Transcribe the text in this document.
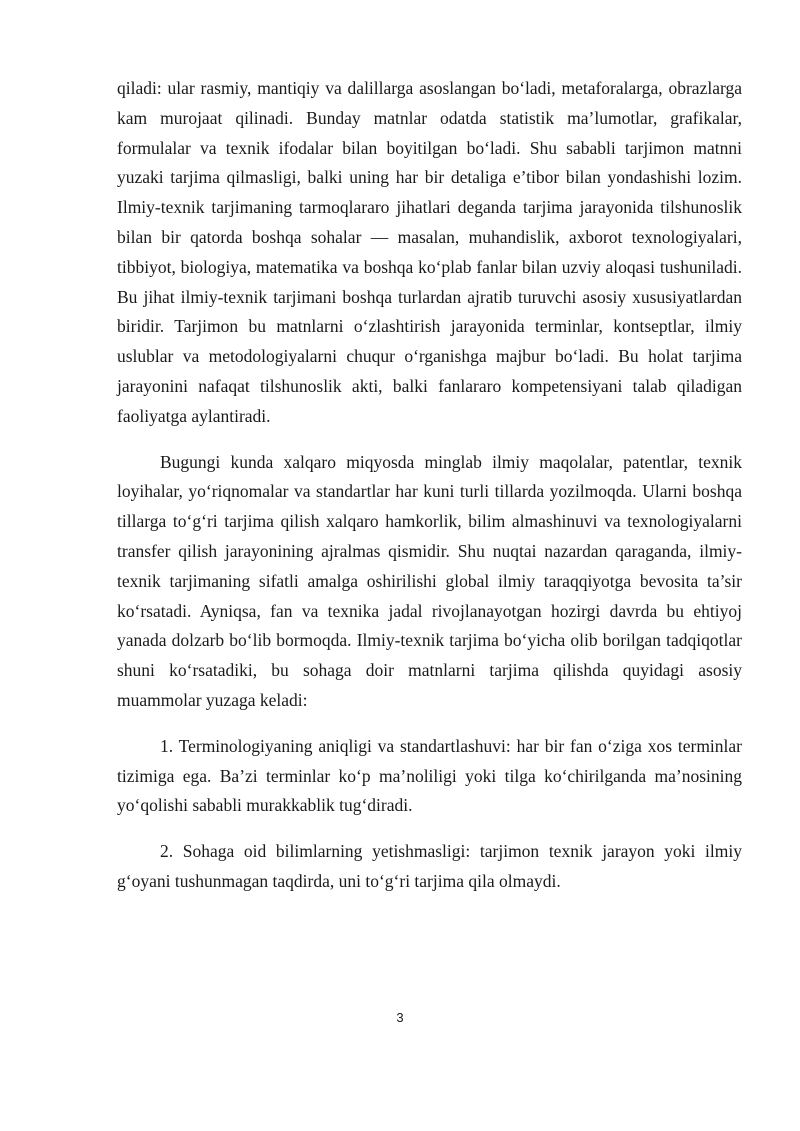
qiladi: ular rasmiy, mantiqiy va dalillarga asoslangan bo‘ladi, metaforalarga, obrazlarga kam murojaat qilinadi. Bunday matnlar odatda statistik ma’lumotlar, grafikalar, formulalar va texnik ifodalar bilan boyitilgan bo‘ladi. Shu sababli tarjimon matnni yuzaki tarjima qilmasligi, balki uning har bir detaliga e’tibor bilan yondashishi lozim. Ilmiy-texnik tarjimaning tarmoqlararo jihatlari deganda tarjima jarayonida tilshunoslik bilan bir qatorda boshqa sohalar — masalan, muhandislik, axborot texnologiyalari, tibbiyot, biologiya, matematika va boshqa ko‘plab fanlar bilan uzviy aloqasi tushuniladi. Bu jihat ilmiy-texnik tarjimani boshqa turlardan ajratib turuvchi asosiy xususiyatlardan biridir. Tarjimon bu matnlarni o‘zlashtirish jarayonida terminlar, kontseptlar, ilmiy uslublar va metodologiyalarni chuqur o‘rganishga majbur bo‘ladi. Bu holat tarjima jarayonini nafaqat tilshunoslik akti, balki fanlararo kompetensiyani talab qiladigan faoliyatga aylantiradi.

Bugungi kunda xalqaro miqyosda minglab ilmiy maqolalar, patentlar, texnik loyihalar, yo‘riqnomalar va standartlar har kuni turli tillarda yozilmoqda. Ularni boshqa tillarga to‘g‘ri tarjima qilish xalqaro hamkorlik, bilim almashinuvi va texnologiyalarni transfer qilish jarayonining ajralmas qismidir. Shu nuqtai nazardan qaraganda, ilmiy-texnik tarjimaning sifatli amalga oshirilishi global ilmiy taraqqiyotga bevosita ta’sir ko‘rsatadi. Ayniqsa, fan va texnika jadal rivojlanayotgan hozirgi davrda bu ehtiyoj yanada dolzarb bo‘lib bormoqda. Ilmiy-texnik tarjima bo‘yicha olib borilgan tadqiqotlar shuni ko‘rsatadiki, bu sohaga doir matnlarni tarjima qilishda quyidagi asosiy muammolar yuzaga keladi:

1. Terminologiyaning aniqligi va standartlashuvi: har bir fan o‘ziga xos terminlar tizimiga ega. Ba’zi terminlar ko‘p ma’noliligi yoki tilga ko‘chirilganda ma’nosining yo‘qolishi sababli murakkablik tug‘diradi.

2. Sohaga oid bilimlarning yetishmasligi: tarjimon texnik jarayon yoki ilmiy g‘oyani tushunmagan taqdirda, uni to‘g‘ri tarjima qila olmaydi.

3
